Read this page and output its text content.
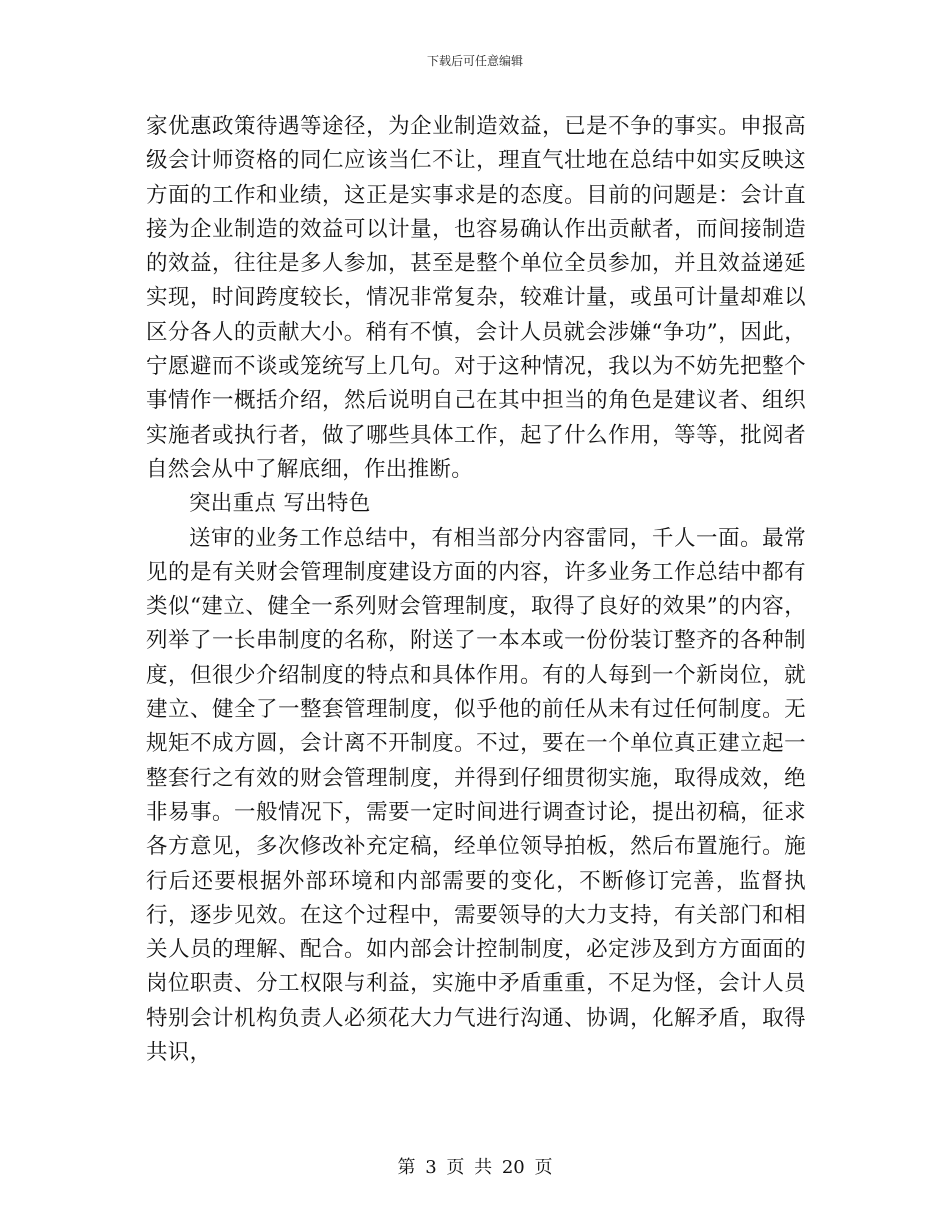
下载后可任意编辑

家优惠政策待遇等途径，为企业制造效益，已是不争的事实。申报高级会计师资格的同仁应该当仁不让，理直气壮地在总结中如实反映这方面的工作和业绩，这正是实事求是的态度。目前的问题是：会计直接为企业制造的效益可以计量，也容易确认作出贡献者，而间接制造的效益，往往是多人参加，甚至是整个单位全员参加，并且效益递延实现，时间跨度较长，情况非常复杂，较难计量，或虽可计量却难以区分各人的贡献大小。稍有不慎，会计人员就会涉嫌“争功”，因此，宁愿避而不谈或笼统写上几句。对于这种情况，我以为不妨先把整个事情作一概括介绍，然后说明自己在其中担当的角色是建议者、组织实施者或执行者，做了哪些具体工作，起了什么作用，等等，批阅者自然会从中了解底细，作出推断。

突出重点 写出特色

送审的业务工作总结中，有相当部分内容雷同，千人一面。最常见的是有关财会管理制度建设方面的内容，许多业务工作总结中都有类似“建立、健全一系列财会管理制度，取得了良好的效果”的内容，列举了一长串制度的名称，附送了一本本或一份份装订整齐的各种制度，但很少介绍制度的特点和具体作用。有的人每到一个新岗位，就建立、健全了一整套管理制度，似乎他的前任从未有过任何制度。无规矩不成方圆，会计离不开制度。不过，要在一个单位真正建立起一整套行之有效的财会管理制度，并得到仔细贯彻实施，取得成效，绝非易事。一般情况下，需要一定时间进行调查讨论，提出初稿，征求各方意见，多次修改补充定稿，经单位领导拍板，然后布置施行。施行后还要根据外部环境和内部需要的变化，不断修订完善，监督执行，逐步见效。在这个过程中，需要领导的大力支持，有关部门和相关人员的理解、配合。如内部会计控制制度，必定涉及到方方面面的岗位职责、分工权限与利益，实施中矛盾重重，不足为怪，会计人员特别会计机构负责人必须花大力气进行沟通、协调，化解矛盾，取得共识，

第 3 页 共 20 页
